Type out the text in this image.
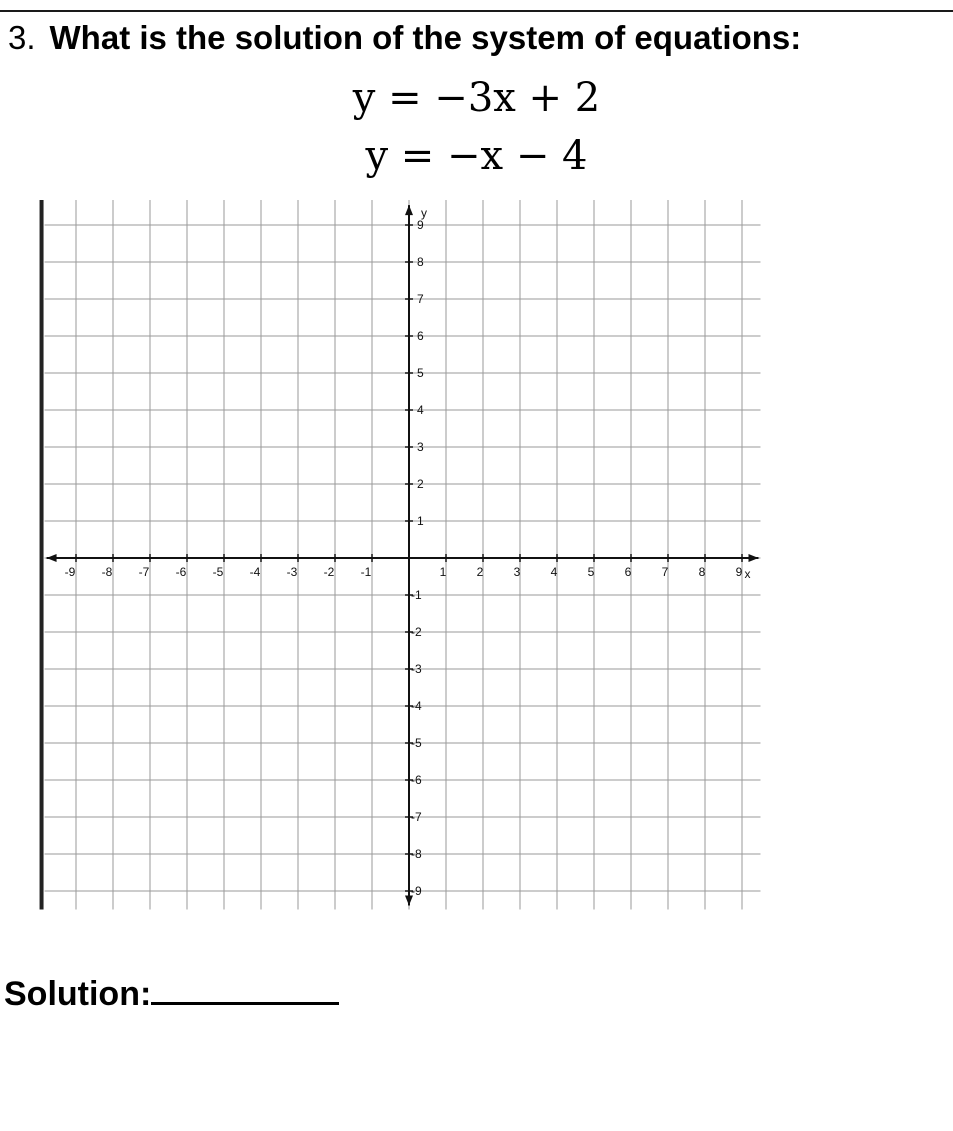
3. What is the solution of the system of equations:
y = −3x + 2
y = −x − 4
-9 -8 -7 -6 -5 -4 -3 -2 -1	1	2	3	4	5	6	7	8	9
9
8
7
6
5
4
3
2
1
-1
-2
-3
-4
-5
-6
-7
-8
-9
x
y
Solution:
